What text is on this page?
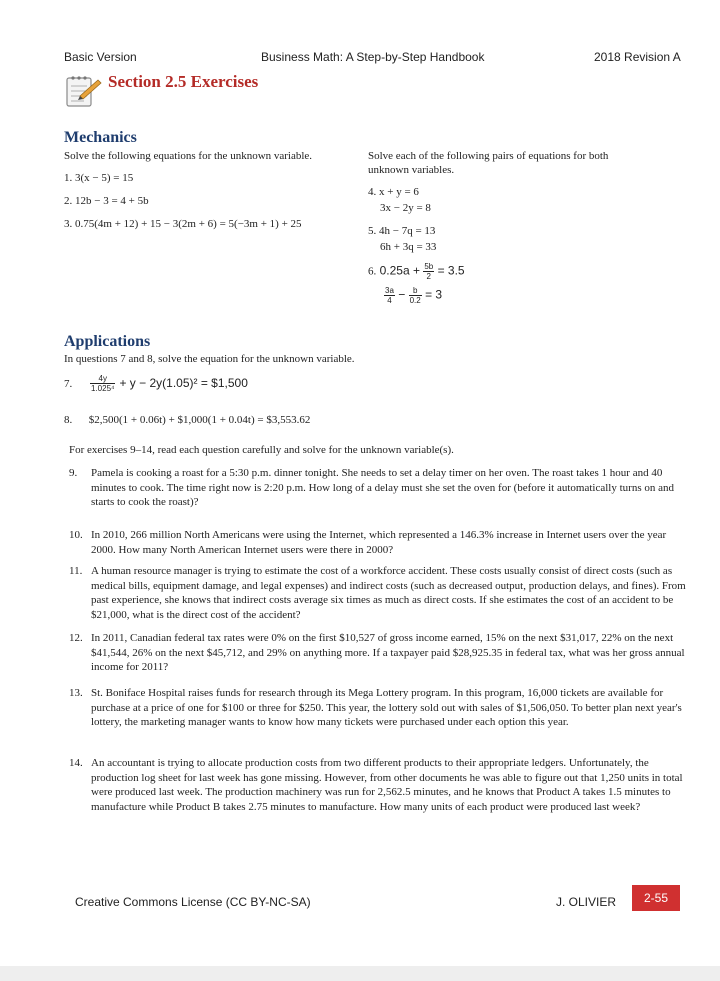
Basic Version	Business Math: A Step-by-Step Handbook	2018 Revision A
Section 2.5 Exercises
Mechanics
Solve the following equations for the unknown variable.
1. 3(x − 5) = 15
2. 12b − 3 = 4 + 5b
3. 0.75(4m + 12) + 15 − 3(2m + 6) = 5(−3m + 1) + 25
Solve each of the following pairs of equations for both
unknown variables.
4. x + y = 6
3x − 2y = 8
5. 4h − 7q = 13
6h + 3q = 33
6. $0.25a + \frac{5b}{2} = 3.5$
$\frac{3a}{4} - \frac{b}{0.2} = 3$
Applications
In questions 7 and 8, solve the equation for the unknown variable.
7. $\frac{4y}{\text{1.025⁴}} + y - 2y(1.05)^2$ = $1,500
8. $2,500(1 + 0.06t) + $1,000(1 + 0.04t) = $3,553.62
For exercises 9–14, read each question carefully and solve for the unknown variable(s).
9. Pamela is cooking a roast for a 5:30 p.m. dinner tonight. She needs to set a delay timer on her oven. The roast takes 1 hour and 40 minutes to cook. The time right now is 2:20 p.m. How long of a delay must she set the oven for (before it automatically turns on and starts to cook the roast)?
10. In 2010, 266 million North Americans were using the Internet, which represented a 146.3% increase in Internet users over the year 2000. How many North American Internet users were there in 2000?
11. A human resource manager is trying to estimate the cost of a workforce accident. These costs usually consist of direct costs (such as medical bills, equipment damage, and legal expenses) and indirect costs (such as decreased output, production delays, and fines). From past experience, she knows that indirect costs average six times as much as direct costs. If she estimates the cost of an accident to be $21,000, what is the direct cost of the accident?
12. In 2011, Canadian federal tax rates were 0% on the first $10,527 of gross income earned, 15% on the next $31,017, 22% on the next $41,544, 26% on the next $45,712, and 29% on anything more. If a taxpayer paid $28,925.35 in federal tax, what was her gross annual income for 2011?
13. St. Boniface Hospital raises funds for research through its Mega Lottery program. In this program, 16,000 tickets are available for purchase at a price of one for $100 or three for $250. This year, the lottery sold out with sales of $1,506,050. To better plan next year's lottery, the marketing manager wants to know how many tickets were purchased under each option this year.
14. An accountant is trying to allocate production costs from two different products to their appropriate ledgers. Unfortunately, the production log sheet for last week has gone missing. However, from other documents he was able to figure out that 1,250 units in total were produced last week. The production machinery was run for 2,562.5 minutes, and he knows that Product A takes 1.5 minutes to manufacture while Product B takes 2.75 minutes to manufacture. How many units of each product were produced last week?
Creative Commons License (CC BY-NC-SA)	J. OLIVIER	2-55
